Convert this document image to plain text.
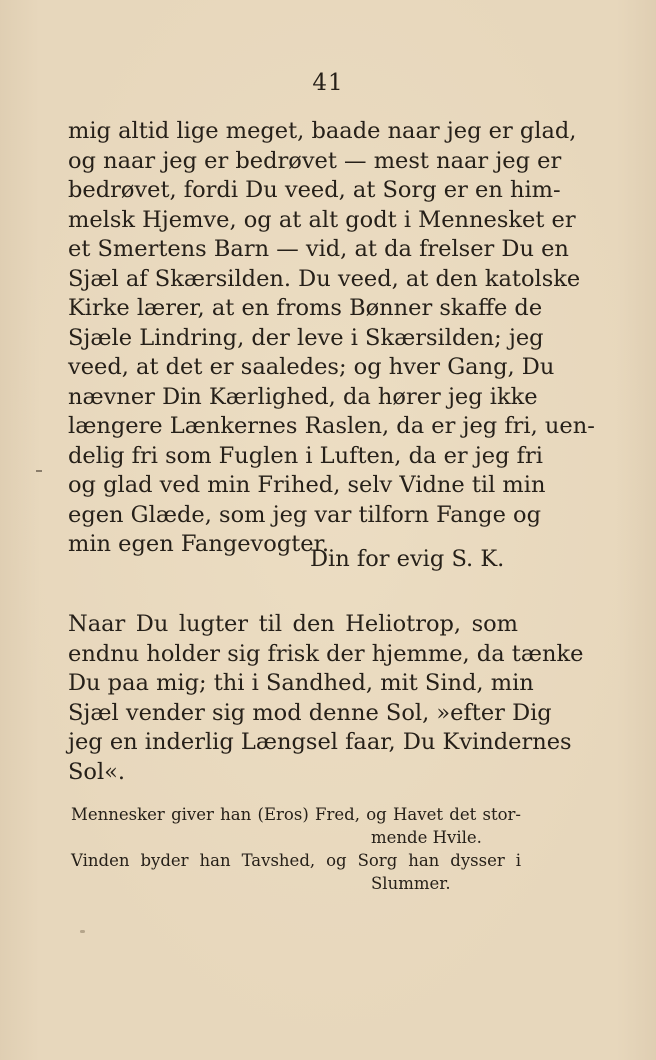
41
mig altid lige meget, baade naar jeg er glad,
og naar jeg er bedrøvet — mest naar jeg er
bedrøvet, fordi Du veed, at Sorg er en him-
melsk Hjemve, og at alt godt i Mennesket er
et Smertens Barn — vid, at da frelser Du en
Sjæl af Skærsilden. Du veed, at den katolske
Kirke lærer, at en froms Bønner skaffe de
Sjæle Lindring, der leve i Skærsilden; jeg
veed, at det er saaledes; og hver Gang, Du
nævner Din Kærlighed, da hører jeg ikke
længere Lænkernes Raslen, da er jeg fri, uen-
delig fri som Fuglen i Luften, da er jeg fri
og glad ved min Frihed, selv Vidne til min
egen Glæde, som jeg var tilforn Fange og
min egen Fangevogter.
Din for evig S. K.
Naar Du lugter til den Heliotrop, som
endnu holder sig frisk der hjemme, da tænke
Du paa mig; thi i Sandhed, mit Sind, min
Sjæl vender sig mod denne Sol, »efter Dig
jeg en inderlig Længsel faar, Du Kvindernes
Sol«.
Mennesker giver han (Eros) Fred, og Havet det stor-
mende Hvile.
Vinden byder han Tavshed, og Sorg han dysser i
Slummer.
